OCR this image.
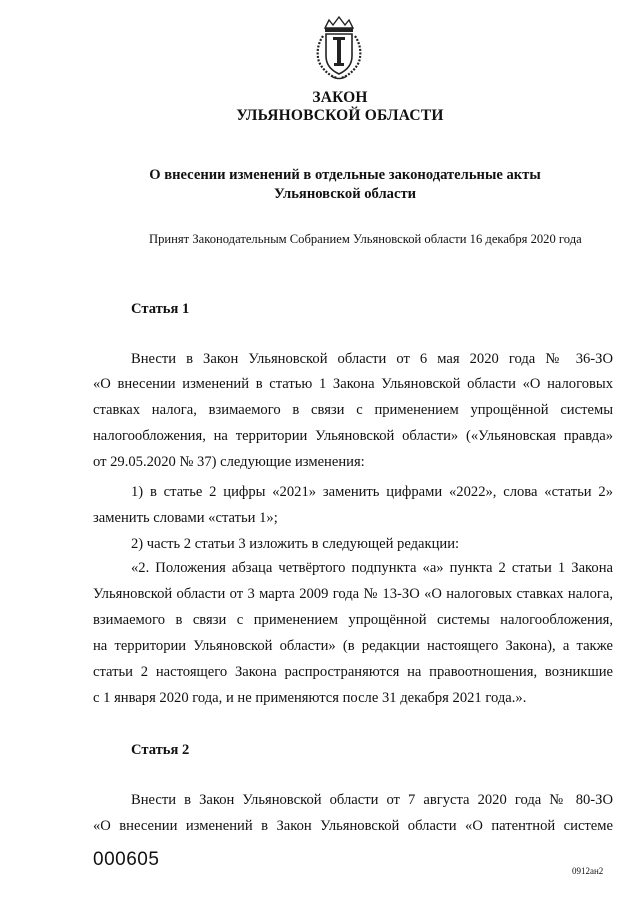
ЗАКОН
УЛЬЯНОВСКОЙ ОБЛАСТИ
О внесении изменений в отдельные законодательные акты
Ульяновской области
Принят Законодательным Собранием Ульяновской области 16 декабря 2020 года
Статья 1
Внести в Закон Ульяновской области от 6 мая 2020 года № 36-ЗО
«О внесении изменений в статью 1 Закона Ульяновской области «О налоговых
ставках налога, взимаемого в связи с применением упрощённой системы
налогообложения, на территории Ульяновской области» («Ульяновская правда»
от 29.05.2020 № 37) следующие изменения:
1) в статье 2 цифры «2021» заменить цифрами «2022», слова «статьи 2»
заменить словами «статьи 1»;
2) часть 2 статьи 3 изложить в следующей редакции:
«2. Положения абзаца четвёртого подпункта «а» пункта 2 статьи 1 Закона
Ульяновской области от 3 марта 2009 года № 13-ЗО «О налоговых ставках налога,
взимаемого в связи с применением упрощённой системы налогообложения,
на территории Ульяновской области» (в редакции настоящего Закона), а также
статьи 2 настоящего Закона распространяются на правоотношения, возникшие
с 1 января 2020 года, и не применяются после 31 декабря 2021 года.».
Статья 2
Внести в Закон Ульяновской области от 7 августа 2020 года № 80-ЗО
«О внесении изменений в Закон Ульяновской области «О патентной системе
000605
0912ан2
